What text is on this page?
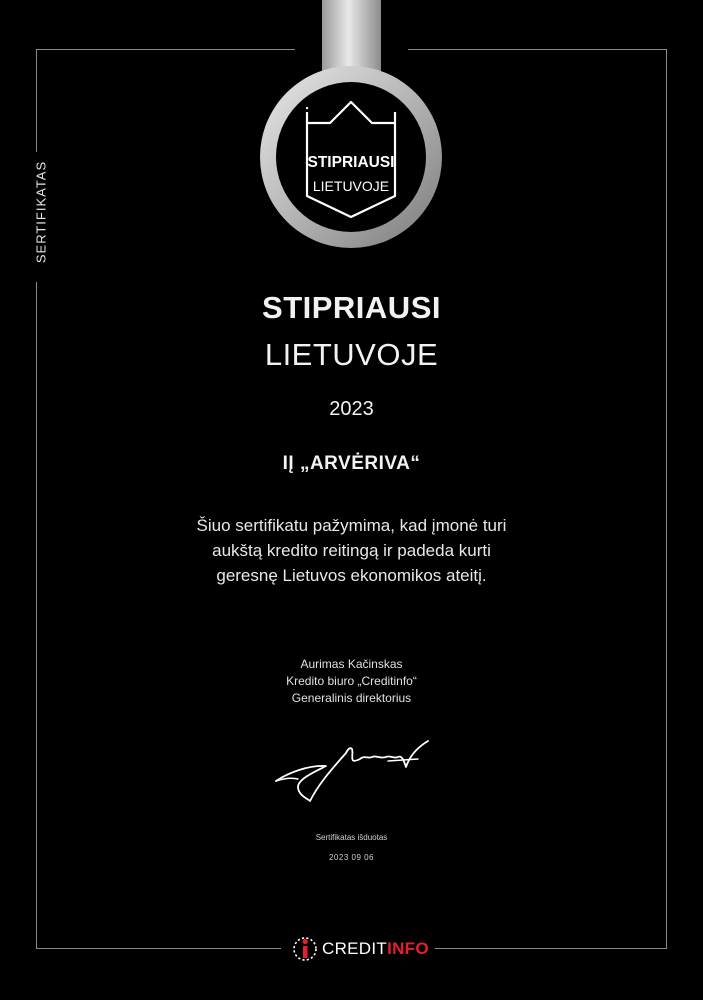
SERTIFIKATAS	STIPRIAUSI
LIETUVOJE
STIPRIAUSI
LIETUVOJE
2023
IĮ „ARVĖRIVA“
Šiuo sertifikatu pažymima, kad įmonė turi
aukštą kredito reitingą ir padeda kurti
geresnę Lietuvos ekonomikos ateitį.
Aurimas Kačinskas
Kredito biuro „Creditinfo“
Generalinis direktorius
Sertifikatas išduotas
2023 09 06
CREDITINFO
